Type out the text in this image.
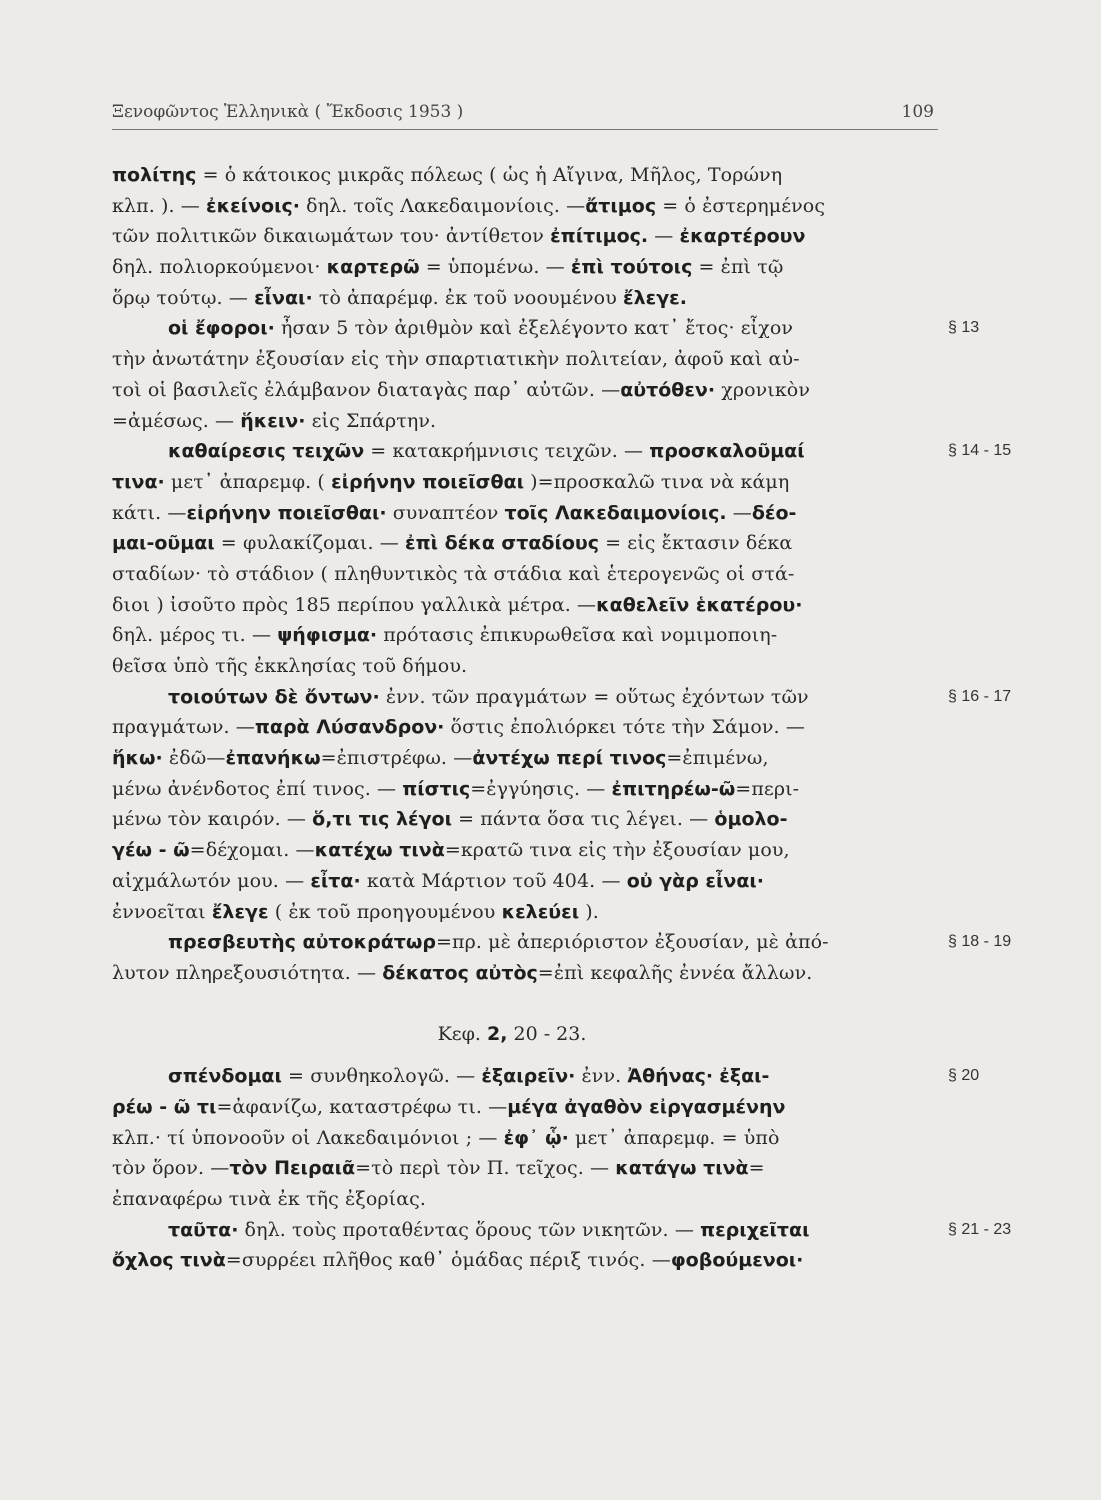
Ξενοφῶντος Ἑλληνικὰ ( Ἔκδοσις 1953 )	109
πολίτης = ὁ κάτοικος μικρᾶς πόλεως ( ὡς ἡ Αἴγινα, Μῆλος, Τορώνη
κλπ. ). — ἐκείνοις· δηλ. τοῖς Λακεδαιμονίοις. —ἄτιμος = ὁ ἐστερημένος
τῶν πολιτικῶν δικαιωμάτων του· ἀντίθετον ἐπίτιμος. — ἐκαρτέρουν
δηλ. πολιορκούμενοι· καρτερῶ = ὑπομένω. — ἐπὶ τούτοις = ἐπὶ τῷ
ὅρῳ τούτῳ. — εἶναι· τὸ ἀπαρέμφ. ἐκ τοῦ νοουμένου ἔλεγε.
οἱ ἔφοροι· ἦσαν 5 τὸν ἀριθμὸν καὶ ἐξελέγοντο κατ᾿ ἔτος· εἶχον	§ 13
τὴν ἀνωτάτην ἐξουσίαν εἰς τὴν σπαρτιατικὴν πολιτείαν, ἀφοῦ καὶ αὐ-
τοὶ οἱ βασιλεῖς ἐλάμβανον διαταγὰς παρ᾿ αὐτῶν. —αὐτόθεν· χρονικὸν
=ἀμέσως. — ἥκειν· εἰς Σπάρτην.
καθαίρεσις τειχῶν = κατακρήμνισις τειχῶν. — προσκαλοῦμαί	§ 14 - 15
τινα· μετ᾿ ἀπαρεμφ. ( εἰρήνην ποιεῖσθαι )=προσκαλῶ τινα νὰ κάμη
κάτι. —εἰρήνην ποιεῖσθαι· συναπτέον τοῖς Λακεδαιμονίοις. —δέο-
μαι-οῦμαι = φυλακίζομαι. — ἐπὶ δέκα σταδίους = εἰς ἔκτασιν δέκα
σταδίων· τὸ στάδιον ( πληθυντικὸς τὰ στάδια καὶ ἑτερογενῶς οἱ στά-
διοι ) ἰσοῦτο πρὸς 185 περίπου γαλλικὰ μέτρα. —καθελεῖν ἑκατέρου·
δηλ. μέρος τι. — ψήφισμα· πρότασις ἐπικυρωθεῖσα καὶ νομιμοποιη-
θεῖσα ὑπὸ τῆς ἐκκλησίας τοῦ δήμου.
τοιούτων δὲ ὄντων· ἐνν. τῶν πραγμάτων = οὕτως ἐχόντων τῶν	§ 16 - 17
πραγμάτων. —παρὰ Λύσανδρον· ὅστις ἐπολιόρκει τότε τὴν Σάμον. —
ἥκω· ἐδῶ—ἐπανήκω=ἐπιστρέφω. —ἀντέχω περί τινος=ἐπιμένω,
μένω ἀνένδοτος ἐπί τινος. — πίστις=ἐγγύησις. — ἐπιτηρέω-ῶ=περι-
μένω τὸν καιρόν. — ὅ,τι τις λέγοι = πάντα ὅσα τις λέγει. — ὁμολο-
γέω - ῶ=δέχομαι. —κατέχω τινὰ=κρατῶ τινα εἰς τὴν ἐξουσίαν μου,
αἰχμάλωτόν μου. — εἶτα· κατὰ Μάρτιον τοῦ 404. — οὐ γὰρ εἶναι·
ἐννοεῖται ἔλεγε ( ἐκ τοῦ προηγουμένου κελεύει ).
πρεσβευτὴς αὐτοκράτωρ=πρ. μὲ ἀπεριόριστον ἐξουσίαν, μὲ ἀπό-	§ 18 - 19
λυτον πληρεξουσιότητα. — δέκατος αὐτὸς=ἐπὶ κεφαλῆς ἐννέα ἄλλων.
Κεφ. 2, 20 - 23.
σπένδομαι = συνθηκολογῶ. — ἐξαιρεῖν· ἐνν. Ἀθήνας· ἐξαι-	§ 20
ρέω - ῶ τι=ἀφανίζω, καταστρέφω τι. —μέγα ἀγαθὸν εἰργασμένην
κλπ.· τί ὑπονοοῦν οἱ Λακεδαιμόνιοι ; — ἐφ᾿ ᾧ· μετ᾿ ἀπαρεμφ. = ὑπὸ
τὸν ὅρον. —τὸν Πειραιᾶ=τὸ περὶ τὸν Π. τεῖχος. — κατάγω τινὰ=
ἐπαναφέρω τινὰ ἐκ τῆς ἐξορίας.
ταῦτα· δηλ. τοὺς προταθέντας ὅρους τῶν νικητῶν. — περιχεῖται	§ 21 - 23
ὄχλος τινὰ=συρρέει πλῆθος καθ᾿ ὁμάδας πέριξ τινός. —φοβούμενοι·
